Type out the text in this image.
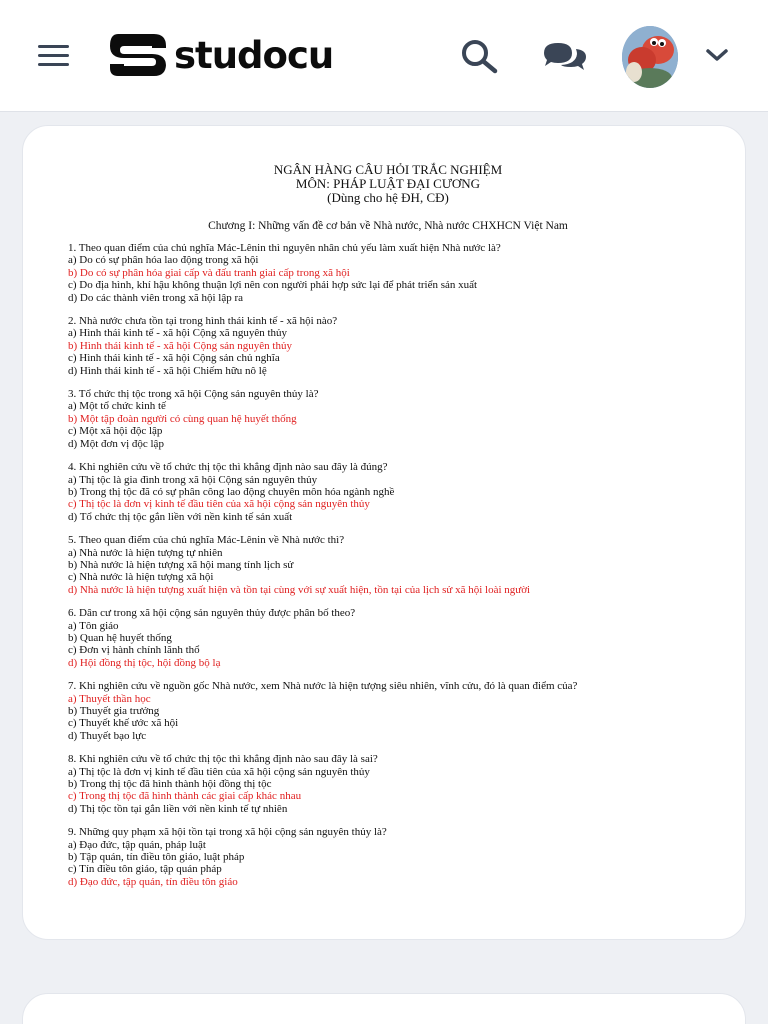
studocu
NGÂN HÀNG CÂU HỎI TRẮC NGHIỆM
MÔN: PHÁP LUẬT ĐẠI CƯƠNG
(Dùng cho hệ ĐH, CĐ)
Chương I: Những vấn đề cơ bản về Nhà nước, Nhà nước CHXHCN Việt Nam
1. Theo quan điểm của chủ nghĩa Mác-Lênin thì nguyên nhân chủ yếu làm xuất hiện Nhà nước là?
a) Do có sự phân hóa lao động trong xã hội
b) Do có sự phân hóa giai cấp và đấu tranh giai cấp trong xã hội
c) Do địa hình, khí hậu không thuận lợi nên con người phải hợp sức lại để phát triển sản xuất
d) Do các thành viên trong xã hội lập ra
2. Nhà nước chưa tồn tại trong hình thái kinh tế - xã hội nào?
a) Hình thái kinh tế - xã hội Cộng xã nguyên thủy
b) Hình thái kinh tế - xã hội Cộng sản nguyên thủy
c) Hình thái kinh tế - xã hội Cộng sản chủ nghĩa
d) Hình thái kinh tế - xã hội Chiếm hữu nô lệ
3. Tổ chức thị tộc trong xã hội Cộng sản nguyên thủy là?
a) Một tổ chức kinh tế
b) Một tập đoàn người có cùng quan hệ huyết thống
c) Một xã hội độc lập
d) Một đơn vị độc lập
4. Khi nghiên cứu về tổ chức thị tộc thì khẳng định nào sau đây là đúng?
a) Thị tộc là gia đình trong xã hội Cộng sản nguyên thủy
b) Trong thị tộc đã có sự phân công lao động chuyên môn hóa ngành nghề
c) Thị tộc là đơn vị kinh tế đầu tiên của xã hội cộng sản nguyên thủy
d) Tổ chức thị tộc gắn liền với nền kinh tế sản xuất
5. Theo quan điểm của chủ nghĩa Mác-Lênin về Nhà nước thì?
a) Nhà nước là hiện tượng tự nhiên
b) Nhà nước là hiện tượng xã hội mang tính lịch sử
c) Nhà nước là hiện tượng xã hội
d) Nhà nước là hiện tượng xuất hiện và tồn tại cùng với sự xuất hiện, tồn tại của lịch sử xã hội loài người
6. Dân cư trong xã hội cộng sản nguyên thủy được phân bố theo?
a) Tôn giáo
b) Quan hệ huyết thống
c) Đơn vị hành chính lãnh thổ
d) Hội đồng thị tộc, hội đồng bộ lạ
7. Khi nghiên cứu về nguồn gốc Nhà nước, xem Nhà nước là hiện tượng siêu nhiên, vĩnh cửu, đó là quan điểm của?
a) Thuyết thần học
b) Thuyết gia trưởng
c) Thuyết khế ước xã hội
d) Thuyết bạo lực
8. Khi nghiên cứu về tổ chức thị tộc thì khẳng định nào sau đây là sai?
a) Thị tộc là đơn vị kinh tế đầu tiên của xã hội cộng sản nguyên thủy
b) Trong thị tộc đã hình thành hội đồng thị tộc
c) Trong thị tộc đã hình thành các giai cấp khác nhau
d) Thị tộc tồn tại gắn liền với nền kinh tế tự nhiên
9. Những quy phạm xã hội tồn tại trong xã hội cộng sản nguyên thủy là?
a) Đạo đức, tập quán, pháp luật
b) Tập quán, tín điều tôn giáo, luật pháp
c) Tín điều tôn giáo, tập quán pháp
d) Đạo đức, tập quán, tín điều tôn giáo
